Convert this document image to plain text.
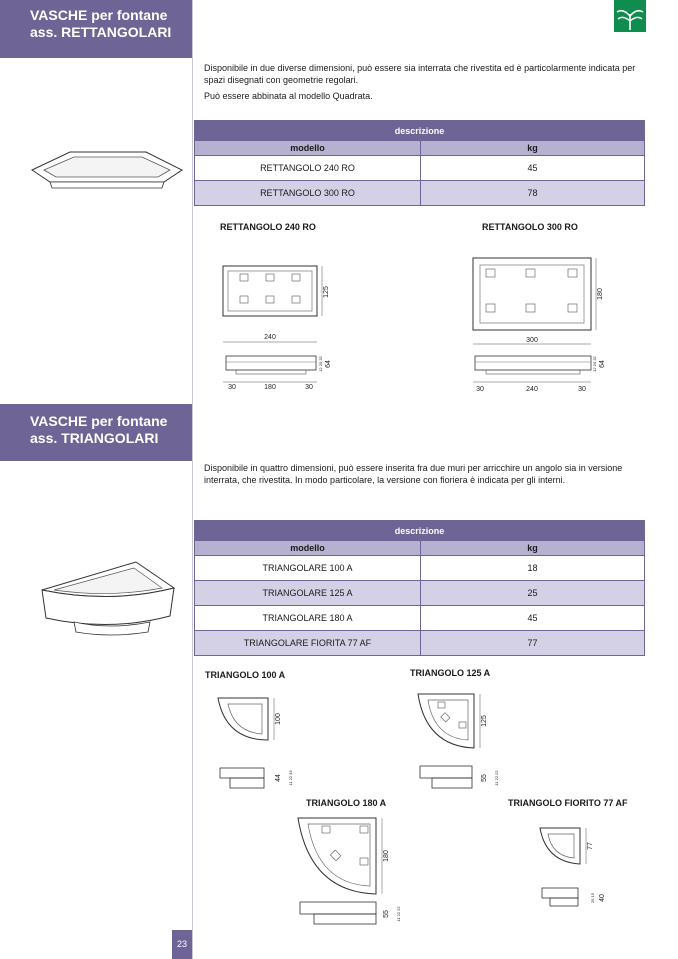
VASCHE per fontane
ass. RETTANGOLARI

Disponibile in due diverse dimensioni, può essere sia interrata che rivestita ed è particolarmente indicata per spazi disegnati con geometrie regolari.

Può essere abbinata al modello Quadrata.

descrizione	
modello	kg
RETTANGOLO 240 RO	45
RETTANGOLO 300 RO	78
RETTANGOLO 240 RO
125
240
30	180	30
12 20 32 64
RETTANGOLO 300 RO
180
300
30	240	30
12 20 32 64
VASCHE per fontane
ass. TRIANGOLARI

Disponibile in quattro dimensioni, può essere inserita fra due muri per arricchire un angolo sia in versione interrata, che rivestita. In modo particolare, la versione con fioriera è indicata per gli interni.

descrizione	
modello	kg
TRIANGOLARE 100 A	18
TRIANGOLARE 125 A	25
TRIANGOLARE 180 A	45
TRIANGOLARE FIORITA 77 AF	77
TRIANGOLO 100 A
100
44 11 22 33
TRIANGOLO 125 A
125
55 11 22 22
TRIANGOLO 180 A
180
55 11 22 22
TRIANGOLO FIORITO 77 AF
77
25 15 40
23
